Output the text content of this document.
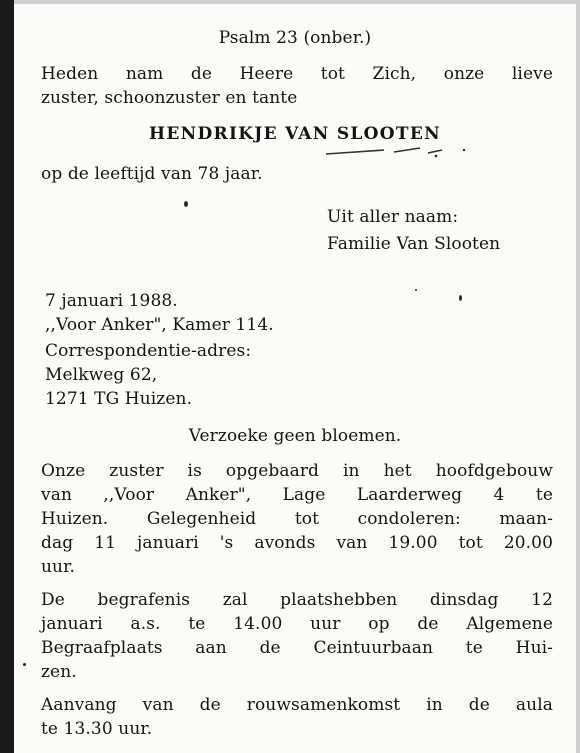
Psalm 23 (onber.)
Heden nam de Heere tot Zich, onze lieve
zuster, schoonzuster en tante
HENDRIKJE VAN SLOOTEN
op de leeftijd van 78 jaar.
Uit aller naam:
Familie Van Slooten
7 januari 1988.
,,Voor Anker", Kamer 114.
Correspondentie-adres:
Melkweg 62,
1271 TG Huizen.
Verzoeke geen bloemen.
Onze zuster is opgebaard in het hoofdgebouw
van ,,Voor Anker", Lage Laarderweg 4 te
Huizen. Gelegenheid tot condoleren: maan-
dag 11 januari 's avonds van 19.00 tot 20.00
uur.
De begrafenis zal plaatshebben dinsdag 12
januari a.s. te 14.00 uur op de Algemene
Begraafplaats aan de Ceintuurbaan te Hui-
zen.
Aanvang van de rouwsamenkomst in de aula
te 13.30 uur.
